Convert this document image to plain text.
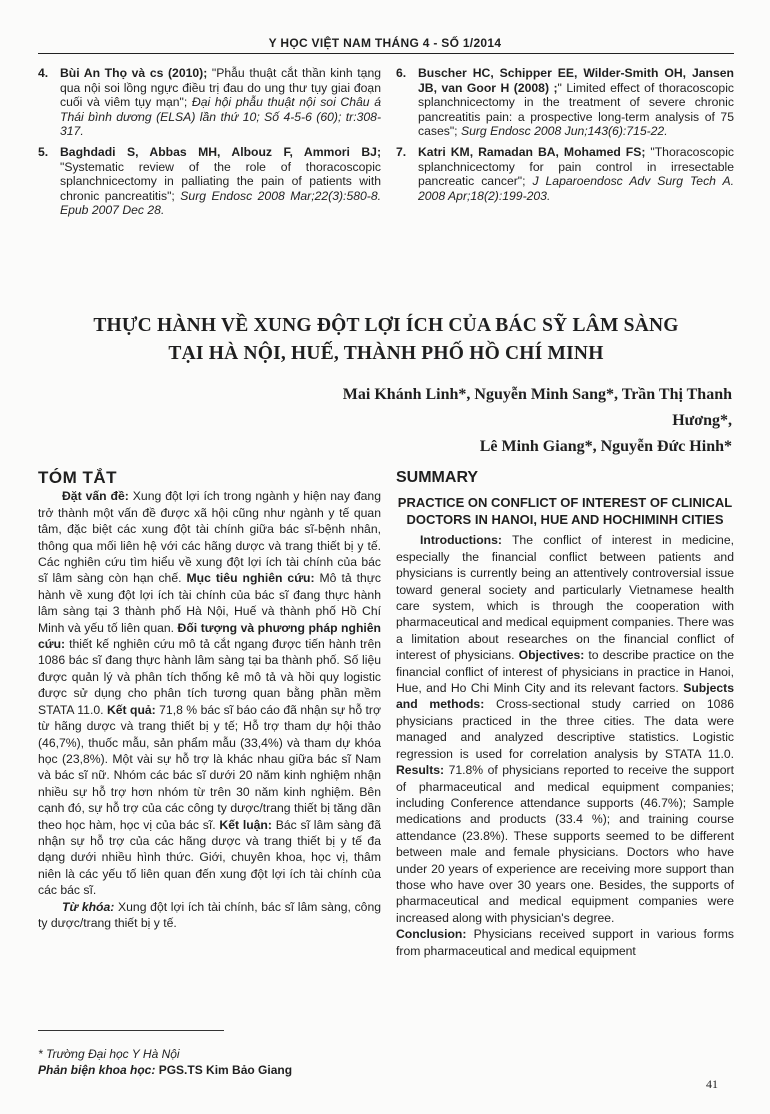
Y HỌC VIỆT NAM THÁNG 4 - SỐ 1/2014
4. Bùi An Thọ và cs (2010); "Phẫu thuật cắt thần kinh tạng qua nội soi lồng ngực điều trị đau do ung thư tụy giai đoạn cuối và viêm tụy mạn"; Đại hội phẫu thuật nội soi Châu á Thái bình dương (ELSA) lần thứ 10; Số 4-5-6 (60); tr:308-317.
5. Baghdadi S, Abbas MH, Albouz F, Ammori BJ; "Systematic review of the role of thoracoscopic splanchnicectomy in palliating the pain of patients with chronic pancreatitis"; Surg Endosc 2008 Mar;22(3):580-8. Epub 2007 Dec 28.
6. Buscher HC, Schipper EE, Wilder-Smith OH, Jansen JB, van Goor H (2008) ;" Limited effect of thoracoscopic splanchnicectomy in the treatment of severe chronic pancreatitis pain: a prospective long-term analysis of 75 cases"; Surg Endosc 2008 Jun;143(6):715-22.
7. Katri KM, Ramadan BA, Mohamed FS; "Thoracoscopic splanchnicectomy for pain control in irresectable pancreatic cancer"; J Laparoendosc Adv Surg Tech A. 2008 Apr;18(2):199-203.
THỰC HÀNH VỀ XUNG ĐỘT LỢI ÍCH CỦA BÁC SỸ LÂM SÀNG
TẠI HÀ NỘI, HUẾ, THÀNH PHỐ HỒ CHÍ MINH
Mai Khánh Linh*, Nguyễn Minh Sang*, Trần Thị Thanh Hương*,
Lê Minh Giang*, Nguyễn Đức Hinh*
TÓM TẮT

Đặt vấn đề: Xung đột lợi ích trong ngành y hiện nay đang trở thành một vấn đề được xã hội cũng như ngành y tế quan tâm, đặc biệt các xung đột tài chính giữa bác sĩ-bệnh nhân, thông qua mối liên hệ với các hãng dược và trang thiết bị y tế. Các nghiên cứu tìm hiểu về xung đột lợi ích tài chính của bác sĩ lâm sàng còn hạn chế. Mục tiêu nghiên cứu: Mô tả thực hành về xung đột lợi ích tài chính của bác sĩ đang thực hành lâm sàng tại 3 thành phố Hà Nội, Huế và thành phố Hồ Chí Minh và yếu tố liên quan. Đối tượng và phương pháp nghiên cứu: thiết kế nghiên cứu mô tả cắt ngang được tiến hành trên 1086 bác sĩ đang thực hành lâm sàng tại ba thành phố. Số liệu được quản lý và phân tích thống kê mô tả và hồi quy logistic được sử dụng cho phân tích tương quan bằng phần mềm STATA 11.0. Kết quả: 71,8 % bác sĩ báo cáo đã nhận sự hỗ trợ từ hãng dược và trang thiết bị y tế; Hỗ trợ tham dự hội thảo (46,7%), thuốc mẫu, sản phẩm mẫu (33,4%) và tham dự khóa học (23,8%). Một vài sự hỗ trợ là khác nhau giữa bác sĩ Nam và bác sĩ nữ. Nhóm các bác sĩ dưới 20 năm kinh nghiệm nhận nhiều sự hỗ trợ hơn nhóm từ trên 30 năm kinh nghiệm. Bên cạnh đó, sự hỗ trợ của các công ty dược/trang thiết bị tăng dần theo học hàm, học vị của bác sĩ. Kết luận: Bác sĩ lâm sàng đã nhận sự hỗ trợ của các hãng dược và trang thiết bị y tế đa dạng dưới nhiều hình thức. Giới, chuyên khoa, học vị, thâm niên là các yếu tố liên quan đến xung đột lợi ích tài chính của các bác sĩ.

Từ khóa: Xung đột lợi ích tài chính, bác sĩ lâm sàng, công ty dược/trang thiết bị y tế.

SUMMARY
PRACTICE ON CONFLICT OF INTEREST OF CLINICAL DOCTORS IN HANOI, HUE AND HOCHIMINH CITIES

Introductions: The conflict of interest in medicine, especially the financial conflict between patients and physicians is currently being an attentively controversial issue toward general society and particularly Vietnamese health care system, which is through the cooperation with pharmaceutical and medical equipment companies. There was a limitation about researches on the financial conflict of interest of physicians. Objectives: to describe practice on the financial conflict of interest of physicians in practice in Hanoi, Hue, and Ho Chi Minh City and its relevant factors. Subjects and methods: Cross-sectional study carried on 1086 physicians practiced in the three cities. The data were managed and analyzed descriptive statistics. Logistic regression is used for correlation analysis by STATA 11.0. Results: 71.8% of physicians reported to receive the support of pharmaceutical and medical equipment companies; including Conference attendance supports (46.7%); Sample medications and products (33.4 %); and training course attendance (23.8%). These supports seemed to be different between male and female physicians. Doctors who have under 20 years of experience are receiving more support than those who have over 30 years one. Besides, the supports of pharmaceutical and medical equipment companies were increased along with physician's degree.

Conclusion: Physicians received support in various forms from pharmaceutical and medical equipment

* Trường Đại học Y Hà Nội
Phản biện khoa học: PGS.TS Kim Bảo Giang
41
